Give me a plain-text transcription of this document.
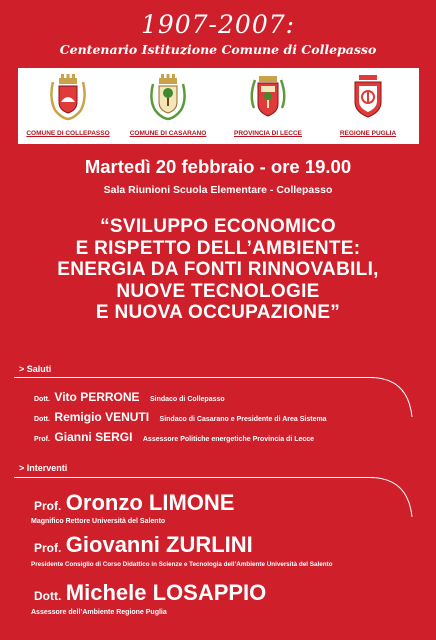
1907-2007:
Centenario Istituzione Comune di Collepasso
COMUNE DI COLLEPASSO	COMUNE DI CASARANO	PROVINCIA DI LECCE	REGIONE PUGLIA
Martedì 20 febbraio - ore 19.00
Sala Riunioni Scuola Elementare - Collepasso
“SVILUPPO ECONOMICO
E RISPETTO DELL’AMBIENTE:
ENERGIA DA FONTI RINNOVABILI,
NUOVE TECNOLOGIE
E NUOVA OCCUPAZIONE”
> Saluti
Dott. Vito PERRONE Sindaco di Collepasso
Dott. Remigio VENUTI Sindaco di Casarano e Presidente di Area Sistema
Prof. Gianni SERGI Assessore Politiche energetiche Provincia di Lecce
> Interventi
Prof. Oronzo LIMONE
Magnifico Rettore Università del Salento
Prof. Giovanni ZURLINI
Presidente Consiglio di Corso Didattico in Scienze e Tecnologia dell’Ambiente Università del Salento
Dott. Michele LOSAPPIO
Assessore dell’Ambiente Regione Puglia
